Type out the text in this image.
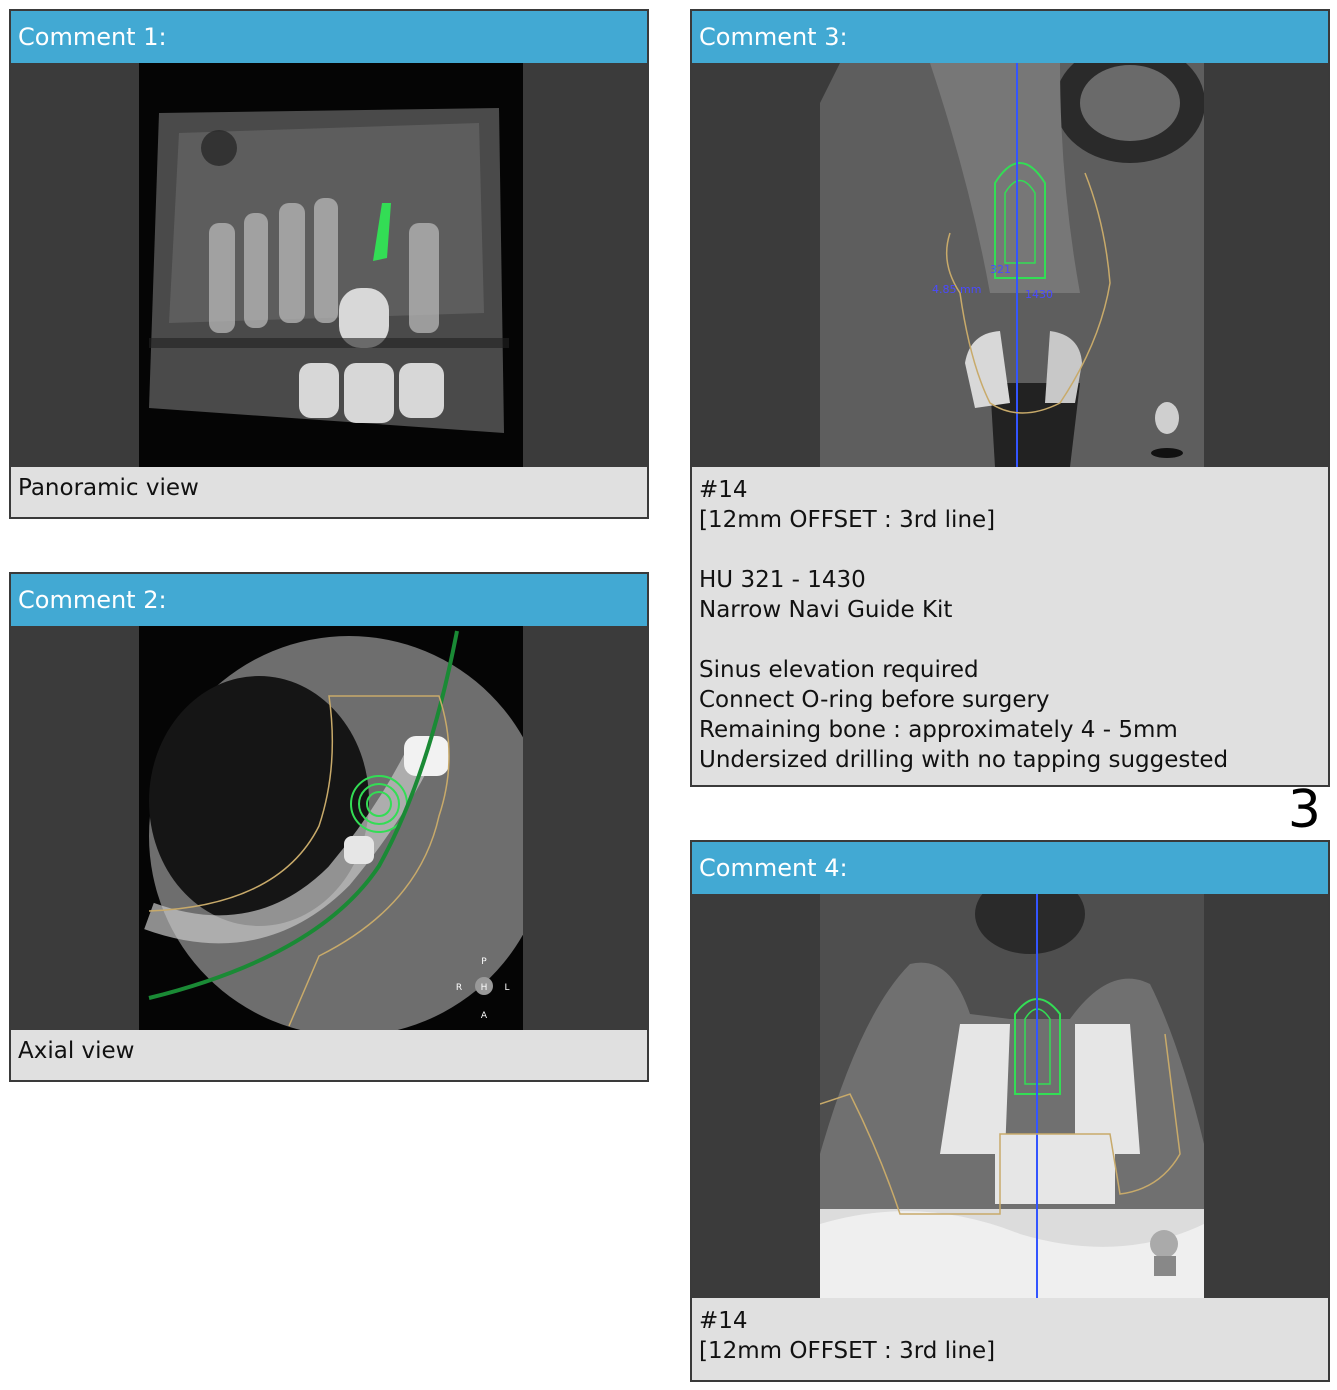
Comment 1:
Panoramic view
Comment 2:
P
R H L
A
Axial view
Comment 3:
4.85 mm
321
1430
#14
[12mm OFFSET : 3rd line]
HU 321 - 1430
Narrow Navi Guide Kit
Sinus elevation required
Connect O-ring before surgery
Remaining bone : approximately 4 - 5mm
Undersized drilling with no tapping suggested
3
Comment 4:
#14
[12mm OFFSET : 3rd line]
